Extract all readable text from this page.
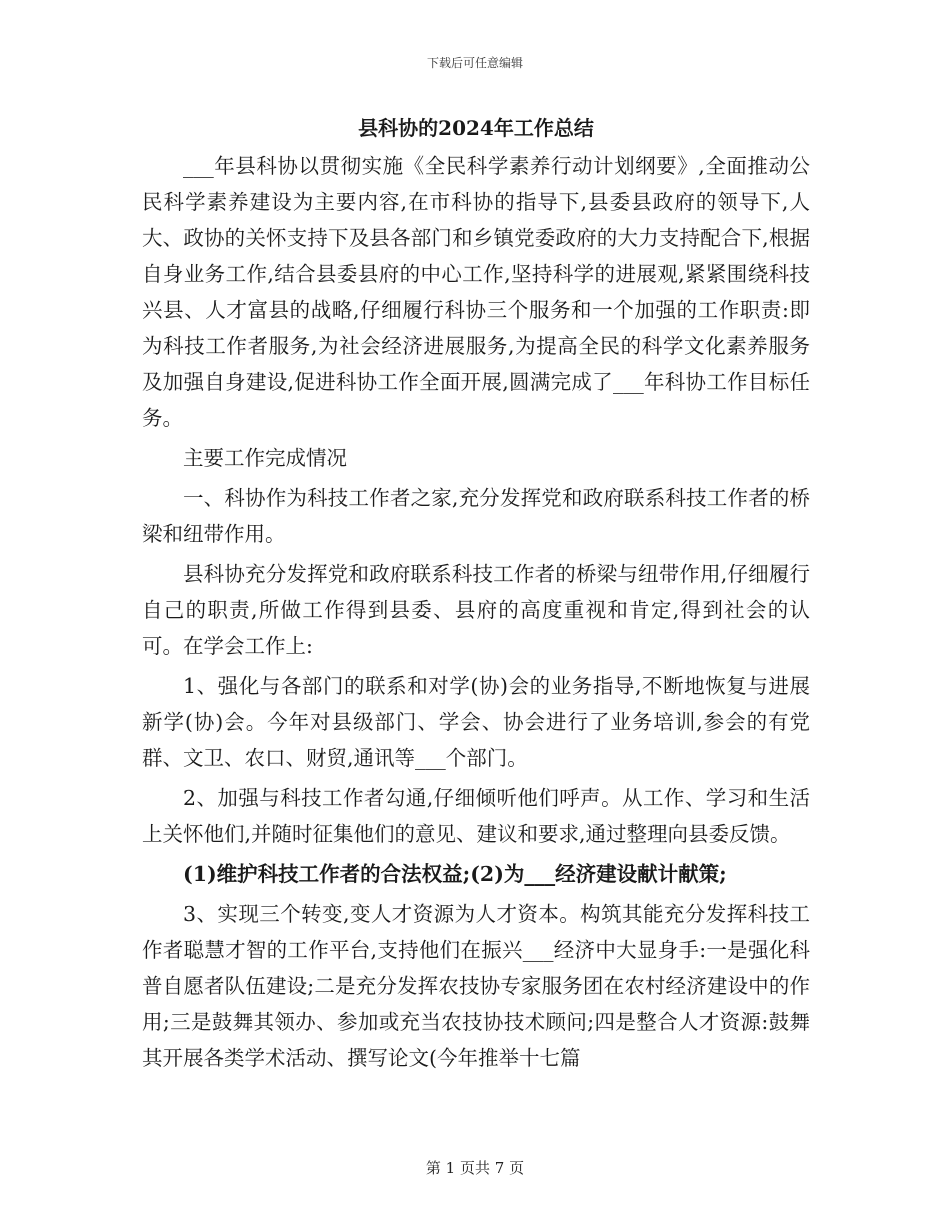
下载后可任意编辑
县科协的2024年工作总结

___年县科协以贯彻实施《全民科学素养行动计划纲要》,全面推动公民科学素养建设为主要内容,在市科协的指导下,县委县政府的领导下,人大、政协的关怀支持下及县各部门和乡镇党委政府的大力支持配合下,根据自身业务工作,结合县委县府的中心工作,坚持科学的进展观,紧紧围绕科技兴县、人才富县的战略,仔细履行科协三个服务和一个加强的工作职责:即为科技工作者服务,为社会经济进展服务,为提高全民的科学文化素养服务及加强自身建设,促进科协工作全面开展,圆满完成了___年科协工作目标任务。

主要工作完成情况

一、科协作为科技工作者之家,充分发挥党和政府联系科技工作者的桥梁和纽带作用。

县科协充分发挥党和政府联系科技工作者的桥梁与纽带作用,仔细履行自己的职责,所做工作得到县委、县府的高度重视和肯定,得到社会的认可。在学会工作上:

1、强化与各部门的联系和对学(协)会的业务指导,不断地恢复与进展新学(协)会。今年对县级部门、学会、协会进行了业务培训,参会的有党群、文卫、农口、财贸,通讯等___个部门。

2、加强与科技工作者勾通,仔细倾听他们呼声。从工作、学习和生活上关怀他们,并随时征集他们的意见、建议和要求,通过整理向县委反馈。

(1)维护科技工作者的合法权益;(2)为___经济建设献计献策;

3、实现三个转变,变人才资源为人才资本。构筑其能充分发挥科技工作者聪慧才智的工作平台,支持他们在振兴___经济中大显身手:一是强化科普自愿者队伍建设;二是充分发挥农技协专家服务团在农村经济建设中的作用;三是鼓舞其领办、参加或充当农技协技术顾问;四是整合人才资源:鼓舞其开展各类学术活动、撰写论文(今年推举十七篇

第 1 页共 7 页
